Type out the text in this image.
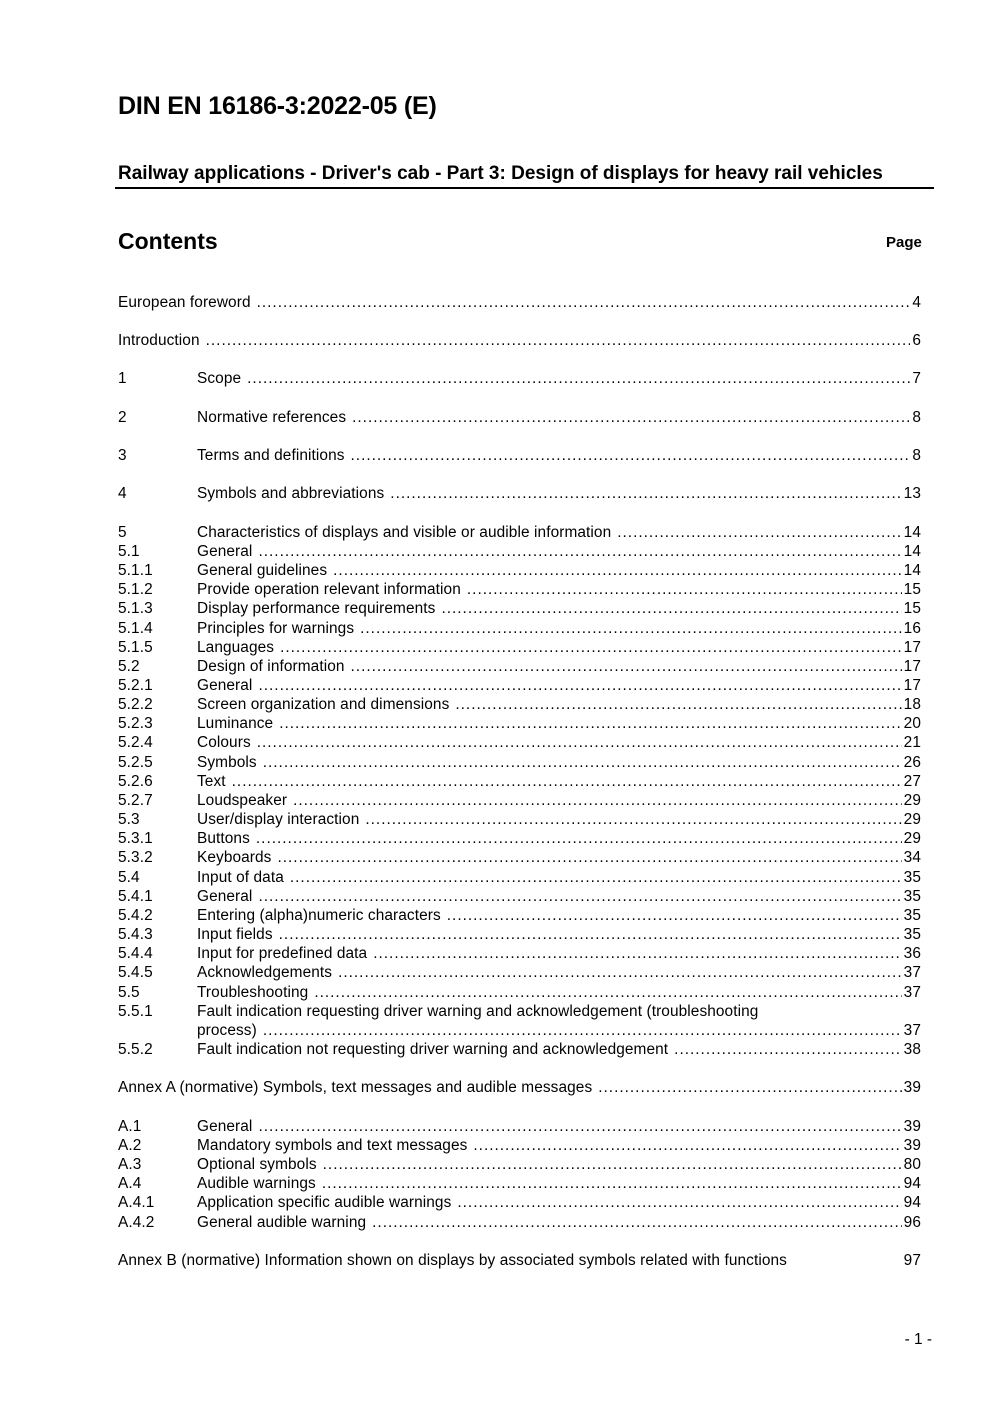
DIN EN 16186-3:2022-05 (E)
Railway applications - Driver's cab - Part 3: Design of displays for heavy rail vehicles
Contents	Page
European foreword .....	4
Introduction .....	6
1	Scope .....	7
2	Normative references .....	8
3	Terms and definitions .....	8
4	Symbols and abbreviations .....	13
5	Characteristics of displays and visible or audible information .....	14
5.1	General .....	14
5.1.1	General guidelines .....	14
5.1.2	Provide operation relevant information .....	15
5.1.3	Display performance requirements .....	15
5.1.4	Principles for warnings .....	16
5.1.5	Languages .....	17
5.2	Design of information .....	17
5.2.1	General .....	17
5.2.2	Screen organization and dimensions .....	18
5.2.3	Luminance .....	20
5.2.4	Colours .....	21
5.2.5	Symbols .....	26
5.2.6	Text .....	27
5.2.7	Loudspeaker .....	29
5.3	User/display interaction .....	29
5.3.1	Buttons .....	29
5.3.2	Keyboards .....	34
5.4	Input of data .....	35
5.4.1	General .....	35
5.4.2	Entering (alpha)numeric characters .....	35
5.4.3	Input fields .....	35
5.4.4	Input for predefined data .....	36
5.4.5	Acknowledgements .....	37
5.5	Troubleshooting .....	37
5.5.1	Fault indication requesting driver warning and acknowledgement (troubleshooting
process) .....	37
5.5.2	Fault indication not requesting driver warning and acknowledgement .....	38
Annex A (normative) Symbols, text messages and audible messages .....	39
A.1	General .....	39
A.2	Mandatory symbols and text messages .....	39
A.3	Optional symbols .....	80
A.4	Audible warnings .....	94
A.4.1	Application specific audible warnings .....	94
A.4.2	General audible warning .....	96
Annex B (normative) Information shown on displays by associated symbols related with functions	97
- 1 -
